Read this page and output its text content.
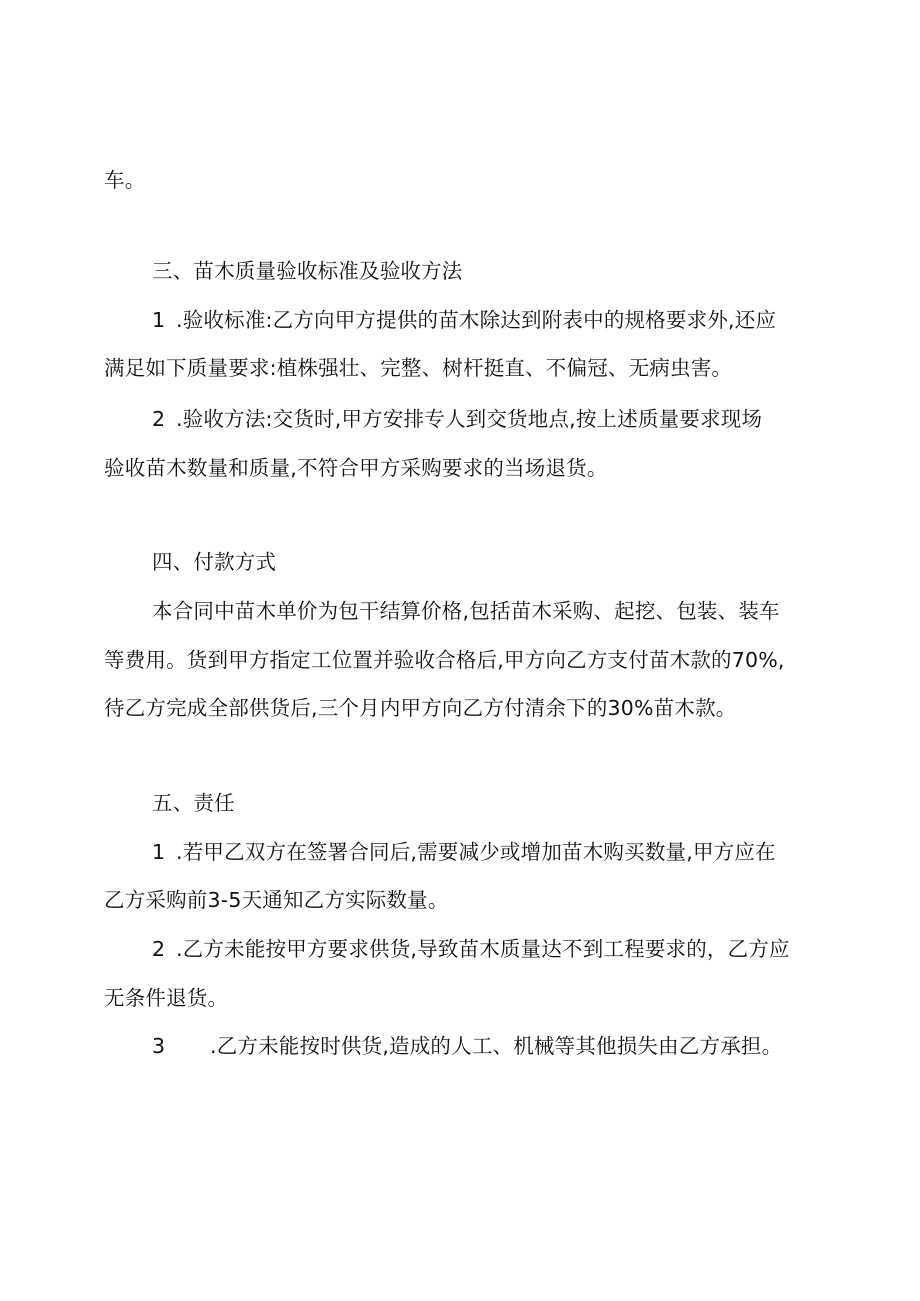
车。
三、苗木质量验收标准及验收方法
1 .验收标准:乙方向甲方提供的苗木除达到附表中的规格要求外,还应
满足如下质量要求:植株强壮、完整、树杆挺直、不偏冠、无病虫害。
2 .验收方法:交货时,甲方安排专人到交货地点,按上述质量要求现场
验收苗木数量和质量,不符合甲方采购要求的当场退货。
四、付款方式
本合同中苗木单价为包干结算价格,包括苗木采购、起挖、包装、装车
等费用。货到甲方指定工位置并验收合格后,甲方向乙方支付苗木款的70%,
待乙方完成全部供货后,三个月内甲方向乙方付清余下的30%苗木款。
五、责任
1 .若甲乙双方在签署合同后,需要减少或增加苗木购买数量,甲方应在
乙方采购前3-5天通知乙方实际数量。
2 .乙方未能按甲方要求供货,导致苗木质量达不到工程要求的，乙方应
无条件退货。
3 .乙方未能按时供货,造成的人工、机械等其他损失由乙方承担。
